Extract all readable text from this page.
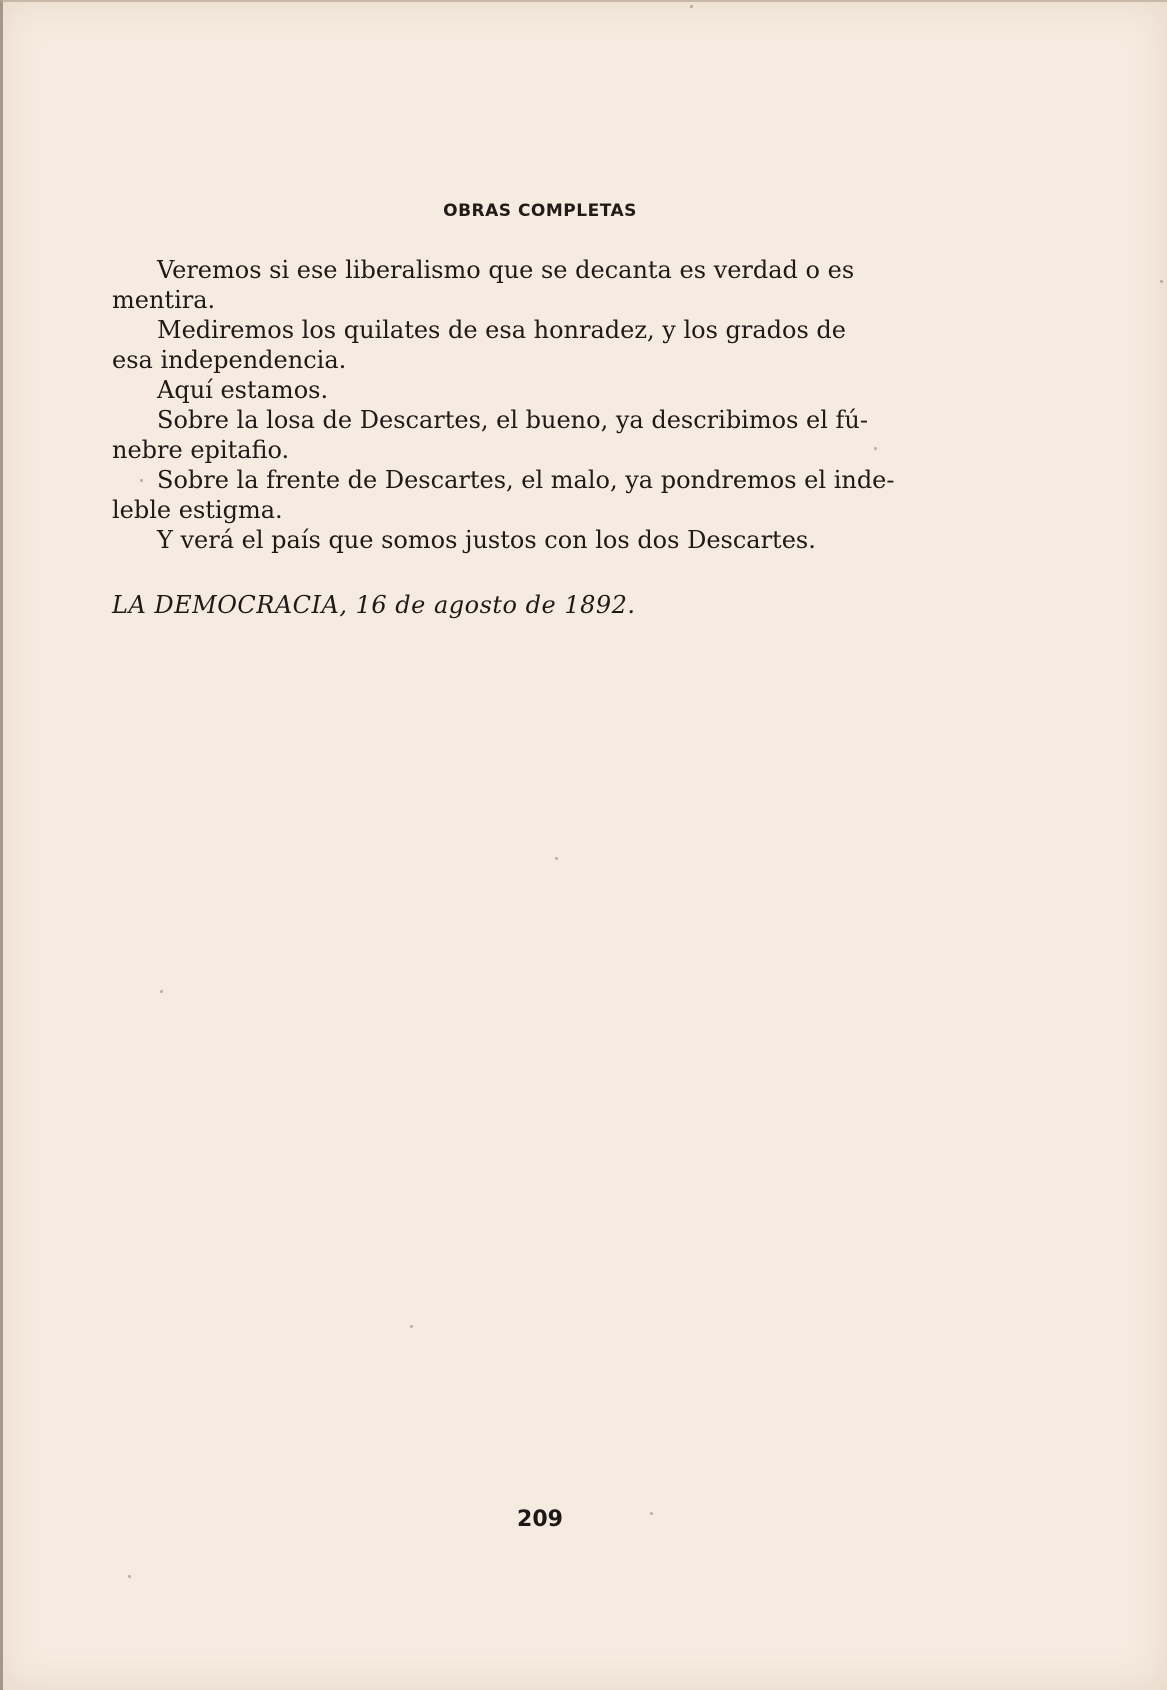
OBRAS COMPLETAS
Veremos si ese liberalismo que se decanta es verdad o es
mentira.
Mediremos los quilates de esa honradez, y los grados de
esa independencia.
Aquí estamos.
Sobre la losa de Descartes, el bueno, ya describimos el fú-
nebre epitafio.
Sobre la frente de Descartes, el malo, ya pondremos el inde-
leble estigma.
Y verá el país que somos justos con los dos Descartes.
LA DEMOCRACIA, 16 de agosto de 1892.
209
